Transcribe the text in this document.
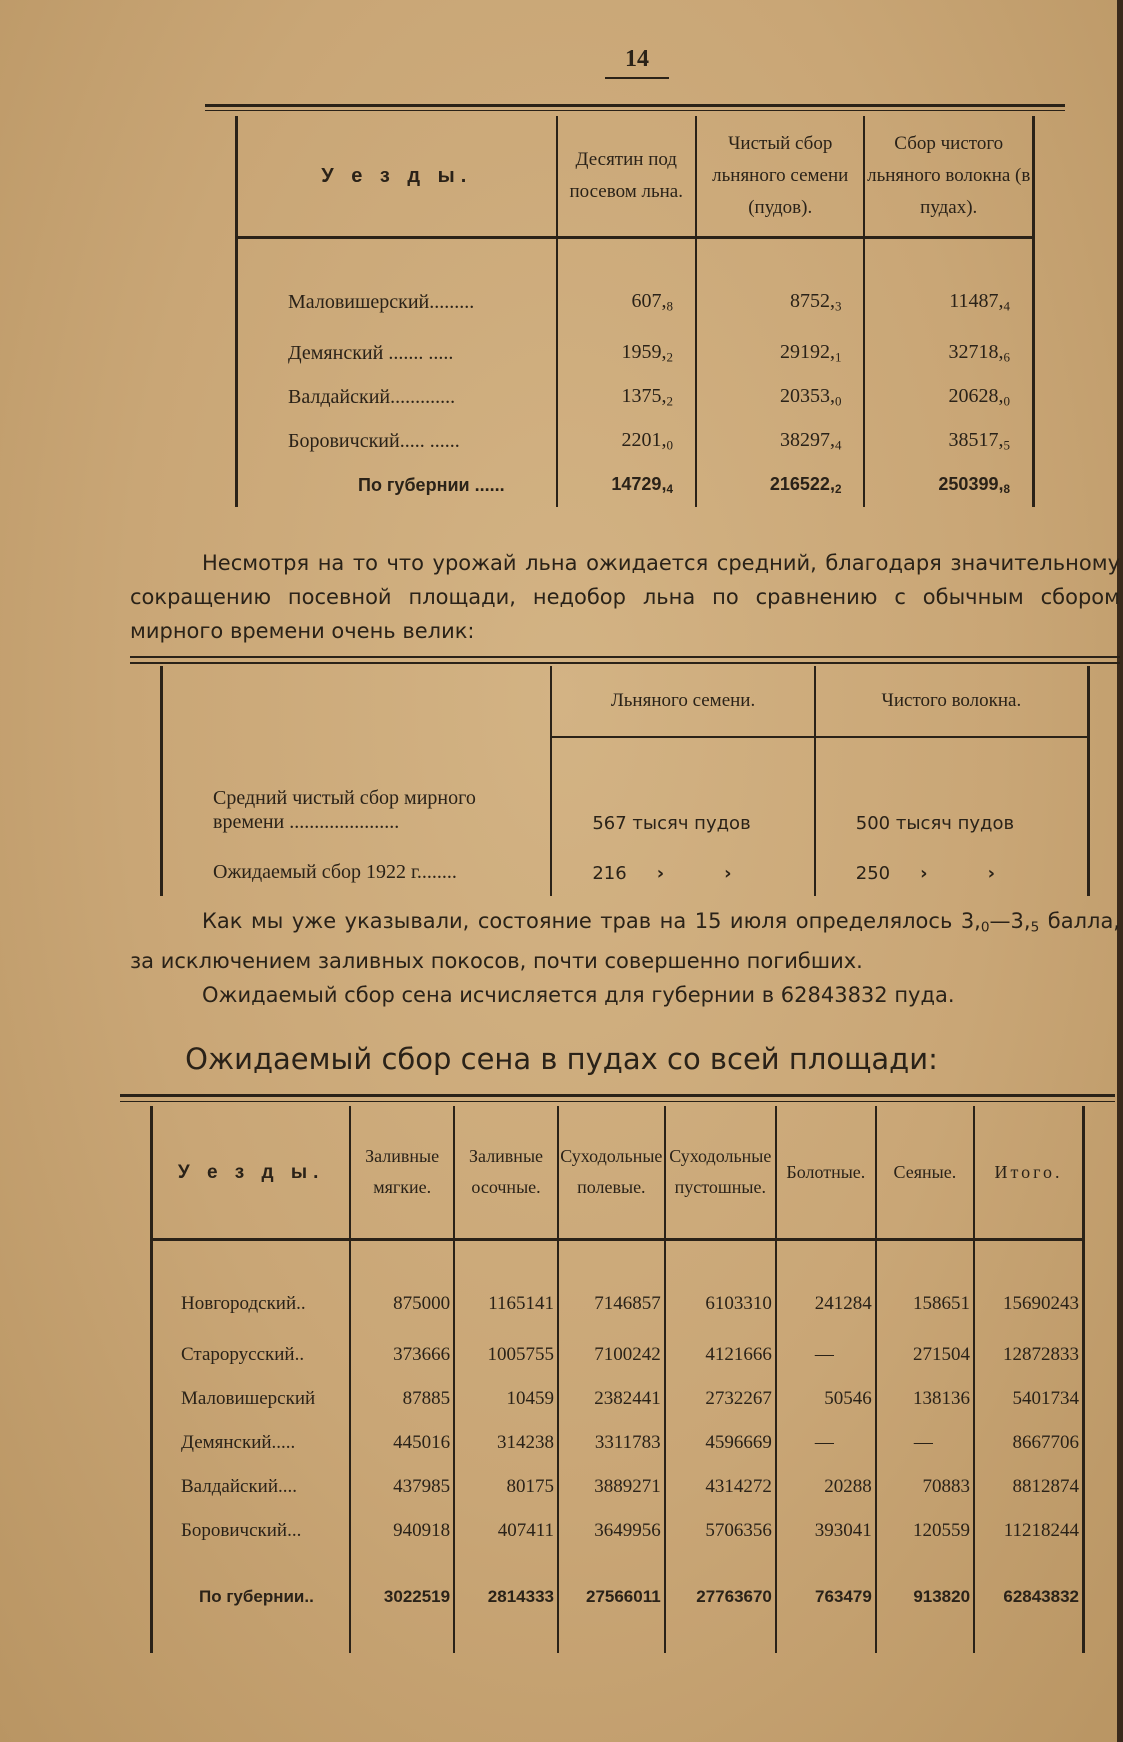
14
У е з д ы.	Десятин под посевом льна.	Чистый сбор льняного семени (пудов).	Сбор чистого льняного волокна (в пудах).
Маловишерский.........	$607,_8$	$8752,_3$	$11487,_4$
Демянский ....... .....	$1959,_2$	$29192,_1$	$32718,_6$
Валдайский.............	$1375,_2$	$20353,_0$	$20628,_0$
Боровичский..... ......	$2201,_0$	$38297,_4$	$38517,_5$
По губернии ......	$14729,_4$	$216522,_2$	$250399,_8$

Несмотря на то что урожай льна ожидается средний, благодаря значительному сокращению посевной площади, недобор льна по сравнению с обычным сбором мирного времени очень велик:

	Льняного семени.	Чистого волокна.
Средний чистый сбор мирного времени ......................	567 тысяч пудов	500 тысяч пудов
Ожидаемый сбор 1922 г........	216 › ›	250 › ›

Как мы уже указывали, состояние трав на 15 июля определялось $3,_0—3,_5$ балла, за исключением заливных покосов, почти совершенно погибших.

Ожидаемый сбор сена исчисляется для губернии в 62843832 пуда.

Ожидаемый сбор сена в пудах со всей площади:
У е з д ы.	Заливные мягкие.	Заливные осочные.	Суходольные полевые.	Суходольные пустошные.	Болотные.	Сеяные.	Итого.
Новгородский..	875000	1165141	7146857	6103310	241284	158651	15690243
Старорусский..	373666	1005755	7100242	4121666	—	271504	12872833
Маловишерский	87885	10459	2382441	2732267	50546	138136	5401734
Демянский.....	445016	314238	3311783	4596669	—	—	8667706
Валдайский....	437985	80175	3889271	4314272	20288	70883	8812874
Боровичский...	940918	407411	3649956	5706356	393041	120559	11218244
По губернии..	3022519	2814333	27566011	27763670	763479	913820	62843832
